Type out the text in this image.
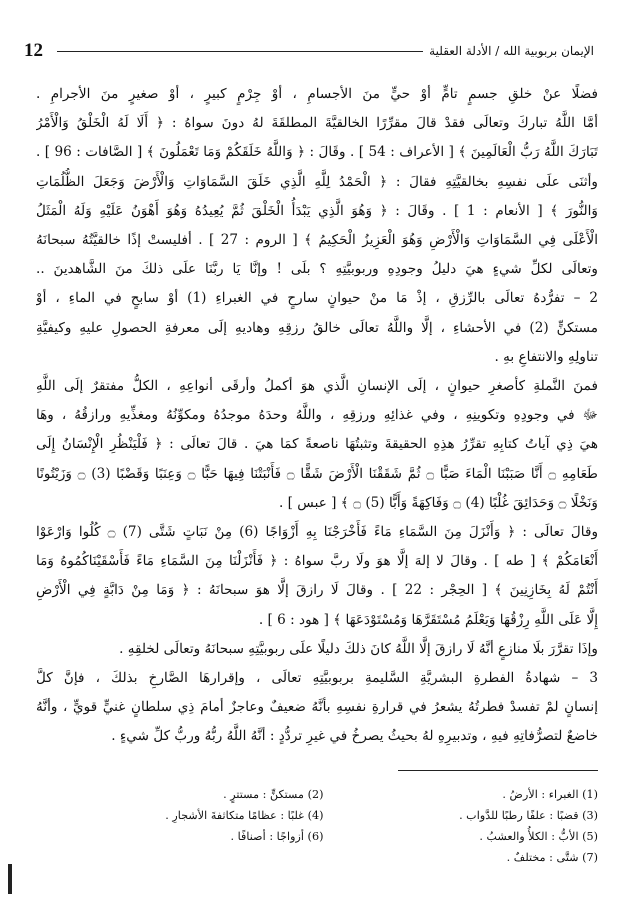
12	الإيمان بربوبية الله / الأدلة العقلية
فضلًا عنْ خلقِ جسمٍ تامٍّ أوْ حيٍّ منَ الأجسامِ ، أوْ جِرْمٍ كبيرٍ ، أوْ صغيرٍ منَ الأجرامِ .
أمَّا اللَّهُ تباركَ وتعالَى فقدْ قالَ مقرِّرًا الخالقيَّةَ المطلقَةَ لهُ دونَ سواهُ : ﴿ أَلَا لَهُ الْخَلْقُ وَالْأَمْرُ
تَبَارَكَ اللَّهُ رَبُّ الْعَالَمِينَ ﴾ [ الأعراف : 54 ] . وقَالَ : ﴿ وَاللَّهُ خَلَقَكُمْ وَمَا تَعْمَلُونَ ﴾ [ الصَّافات : 96 ] .
وأثنَى علَى نفسِهِ بخالقيَّتِهِ فقالَ : ﴿ الْحَمْدُ لِلَّهِ الَّذِي خَلَقَ السَّمَاوَاتِ وَالْأَرْضَ وَجَعَلَ الظُّلُمَاتِ
وَالنُّورَ ﴾ [ الأنعام : 1 ] . وقَالَ : ﴿ وَهُوَ الَّذِي يَبْدَأُ الْخَلْقَ ثُمَّ يُعِيدُهُ وَهُوَ أَهْوَنُ عَلَيْهِ وَلَهُ الْمَثَلُ
الْأَعْلَى فِي السَّمَاوَاتِ وَالْأَرْضِ وَهُوَ الْعَزِيزُ الْحَكِيمُ ﴾ [ الروم : 27 ] . أفليستْ إذًا خالقيَّتُهُ سبحانَهُ
وتعالَى لكلِّ شيءٍ هيَ دليلُ وجودِهِ وربوبيَّتِهِ ؟ بلَى ! وإنَّا يَا ربَّنَا علَى ذلكَ منَ الشَّاهدينَ ..
2 – تفرُّدهُ تعالَى بالرِّزقِ ، إذْ مَا منْ حيوانٍ سارحٍ في الغبراءِ (1) أوْ سابحٍ في الماءِ ، أوْ
مستكنٍّ (2) في الأحشاءِ ، إلَّا واللَّهُ تعالَى خالقُ رزقِهِ وهاديهِ إلَى معرفةِ الحصولِ عليهِ وكيفيَّةِ
تناولِهِ والانتفاعِ بهِ .
فمنَ النَّملةِ كأصغرِ حيوانٍ ، إلَى الإنسانِ الَّذي هوَ أكملُ وأرقَى أنواعِهِ ، الكلُّ مفتقرٌ إلَى اللَّهِ
ﷻ في وجودِهِ وتكوينِهِ ، وفي غذائِهِ ورزقِهِ ، واللَّهُ وحدَهُ موجدُهُ ومكوِّنُهُ ومغذِّيهِ ورازقُهُ ، وهَا
هيَ ذِي آياتُ كتابِهِ تقرِّرُ هذِهِ الحقيقةَ وتثبتُهَا ناصعةً كمَا هيَ . قالَ تعالَى : ﴿ فَلْيَنْظُرِ الْإِنْسَانُ إِلَى
طَعَامِهِ ۝ أَنَّا صَبَبْنَا الْمَاءَ صَبًّا ۝ ثُمَّ شَقَقْنَا الْأَرْضَ شَقًّا ۝ فَأَنْبَتْنَا فِيهَا حَبًّا ۝ وَعِنَبًا وَقَضْبًا (3) ۝ وَزَيْتُونًا
وَنَخْلًا ۝ وَحَدَائِقَ غُلْبًا (4) ۝ وَفَاكِهَةً وَأَبًّا (5) ۝ ﴾ [ عبس ] .
وقالَ تعالَى : ﴿ وَأَنْزَلَ مِنَ السَّمَاءِ مَاءً فَأَخْرَجْنَا بِهِ أَزْوَاجًا (6) مِنْ نَبَاتٍ شَتَّى (7) ۝ كُلُوا وَارْعَوْا
أَنْعَامَكُمْ ﴾ [ طه ] . وقالَ لا إلهَ إلَّا هوَ ولَا ربَّ سواهُ : ﴿ فَأَنْزَلْنَا مِنَ السَّمَاءِ مَاءً فَأَسْقَيْنَاكُمُوهُ وَمَا
أَنْتُمْ لَهُ بِخَازِنِينَ ﴾ [ الحِجْر : 22 ] . وقالَ لَا رازقَ إلَّا هوَ سبحانَهُ : ﴿ وَمَا مِنْ دَابَّةٍ فِي الْأَرْضِ
إِلَّا عَلَى اللَّهِ رِزْقُهَا وَيَعْلَمُ مُسْتَقَرَّهَا وَمُسْتَوْدَعَهَا ﴾ [ هود : 6 ] .
وإذَا تقرَّرَ بلَا منازعٍ أنَّهُ لَا رازقَ إلَّا اللَّهُ كانَ ذلكَ دليلًا علَى ربوبيَّتِهِ سبحانَهُ وتعالَى لخلقِهِ .
3 – شهادةُ الفطرةِ البشريَّةِ السَّليمةِ بربوبيَّتِهِ تعالَى ، وإقرارهَا الصَّارخِ بذلكَ ، فإنَّ كلَّ
إنسانٍ لمْ تفسدْ فطرتُهُ يشعرُ في قرارةِ نفسِهِ بأنَّهُ ضعيفٌ وعاجزٌ أمامَ ذِي سلطانٍ غنيٍّ قويٍّ ، وأنَّهُ
خاضعٌ لتصرُّفاتِهِ فيهِ ، وتدبيرِهِ لهُ بحيثُ يصرخُ في غيرِ تردُّدٍ : أنَّهُ اللَّهُ ربُّهُ وربُّ كلِّ شيءٍ .
(1) الغبراء : الأرضُ .
(2) مستكنٍّ : مستترٍ .
(3) قضبًا : علفًا رطبًا للدَّواب .
(4) غلبًا : عظامًا متكاثفةَ الأشجارِ .
(5) الأبُّ : الكلأُ والعشبُ .
(6) أزواجًا : أصنافًا .
(7) شتَّى : مختلفٌ .
